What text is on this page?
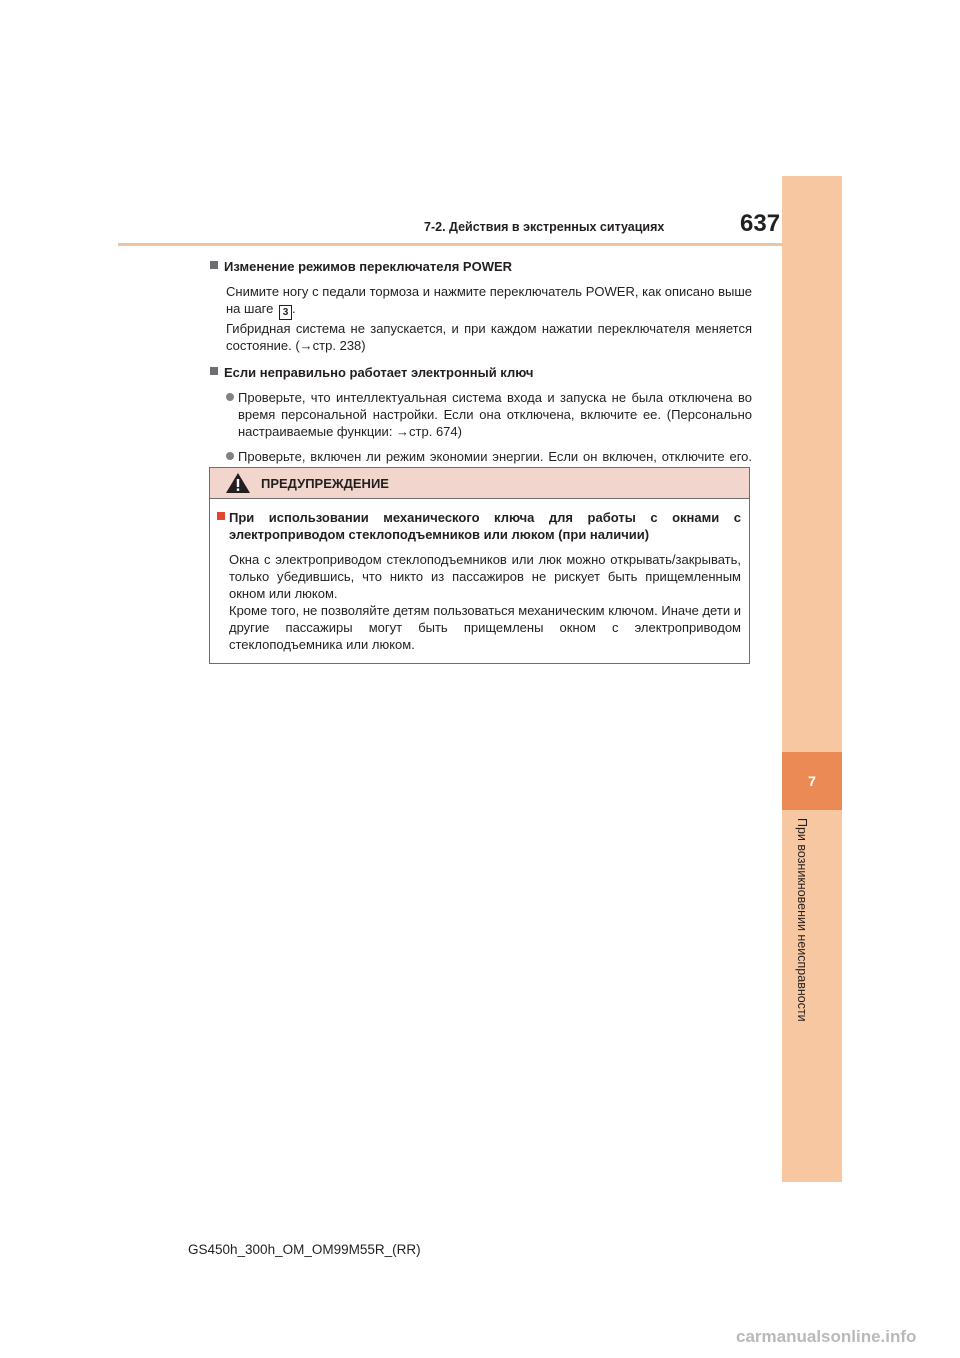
7-2. Действия в экстренных ситуациях	637
7
При возникновении неисправности
Изменение режимов переключателя POWER
Снимите ногу с педали тормоза и нажмите переключатель POWER, как описано выше на шаге 3 .
Гибридная система не запускается, и при каждом нажатии переключателя меняется состояние. (→стр. 238)
Если неправильно работает электронный ключ
Проверьте, что интеллектуальная система входа и запуска не была отключена во время персональной настройки. Если она отключена, включите ее. (Персонально настраиваемые функции: →стр. 674)
Проверьте, включен ли режим экономии энергии. Если он включен, отключите его.
ПРЕДУПРЕЖДЕНИЕ
При использовании механического ключа для работы с окнами с электроприводом стеклоподъемников или люком (при наличии)
Окна с электроприводом стеклоподъемников или люк можно открывать/закрывать, только убедившись, что никто из пассажиров не рискует быть прищемленным окном или люком.
Кроме того, не позволяйте детям пользоваться механическим ключом. Иначе дети и другие пассажиры могут быть прищемлены окном с электроприводом стеклоподъемника или люком.
GS450h_300h_OM_OM99M55R_(RR)
carmanualsonline.info
